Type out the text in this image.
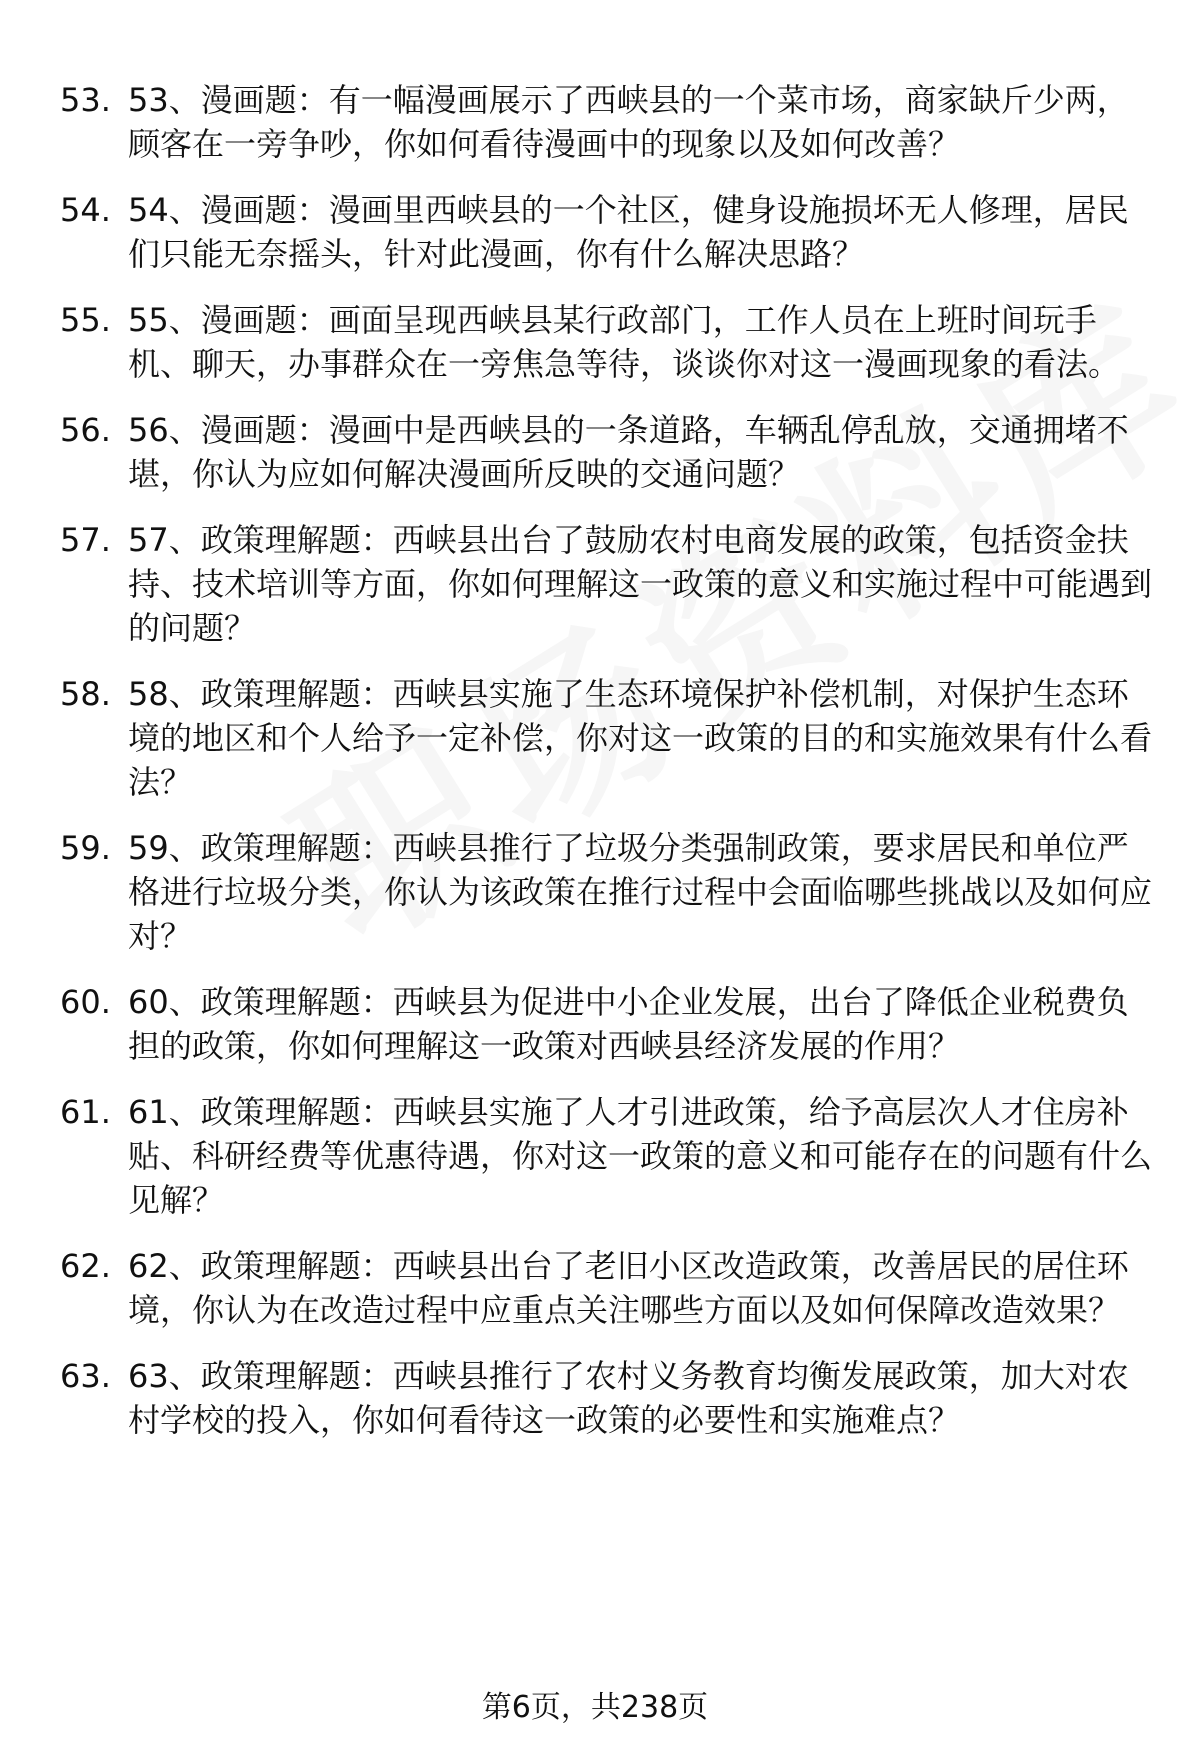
53. 53、漫画题：有一幅漫画展示了西峡县的一个菜市场，商家缺斤少两，顾客在一旁争吵，你如何看待漫画中的现象以及如何改善？
54. 54、漫画题：漫画里西峡县的一个社区，健身设施损坏无人修理，居民们只能无奈摇头，针对此漫画，你有什么解决思路？
55. 55、漫画题：画面呈现西峡县某行政部门，工作人员在上班时间玩手机、聊天，办事群众在一旁焦急等待，谈谈你对这一漫画现象的看法。
56. 56、漫画题：漫画中是西峡县的一条道路，车辆乱停乱放，交通拥堵不堪，你认为应如何解决漫画所反映的交通问题？
57. 57、政策理解题：西峡县出台了鼓励农村电商发展的政策，包括资金扶持、技术培训等方面，你如何理解这一政策的意义和实施过程中可能遇到的问题？
58. 58、政策理解题：西峡县实施了生态环境保护补偿机制，对保护生态环境的地区和个人给予一定补偿，你对这一政策的目的和实施效果有什么看法？
59. 59、政策理解题：西峡县推行了垃圾分类强制政策，要求居民和单位严格进行垃圾分类，你认为该政策在推行过程中会面临哪些挑战以及如何应对？
60. 60、政策理解题：西峡县为促进中小企业发展，出台了降低企业税费负担的政策，你如何理解这一政策对西峡县经济发展的作用？
61. 61、政策理解题：西峡县实施了人才引进政策，给予高层次人才住房补贴、科研经费等优惠待遇，你对这一政策的意义和可能存在的问题有什么见解？
62. 62、政策理解题：西峡县出台了老旧小区改造政策，改善居民的居住环境，你认为在改造过程中应重点关注哪些方面以及如何保障改造效果？
63. 63、政策理解题：西峡县推行了农村义务教育均衡发展政策，加大对农村学校的投入，你如何看待这一政策的必要性和实施难点？
第6页，共238页
